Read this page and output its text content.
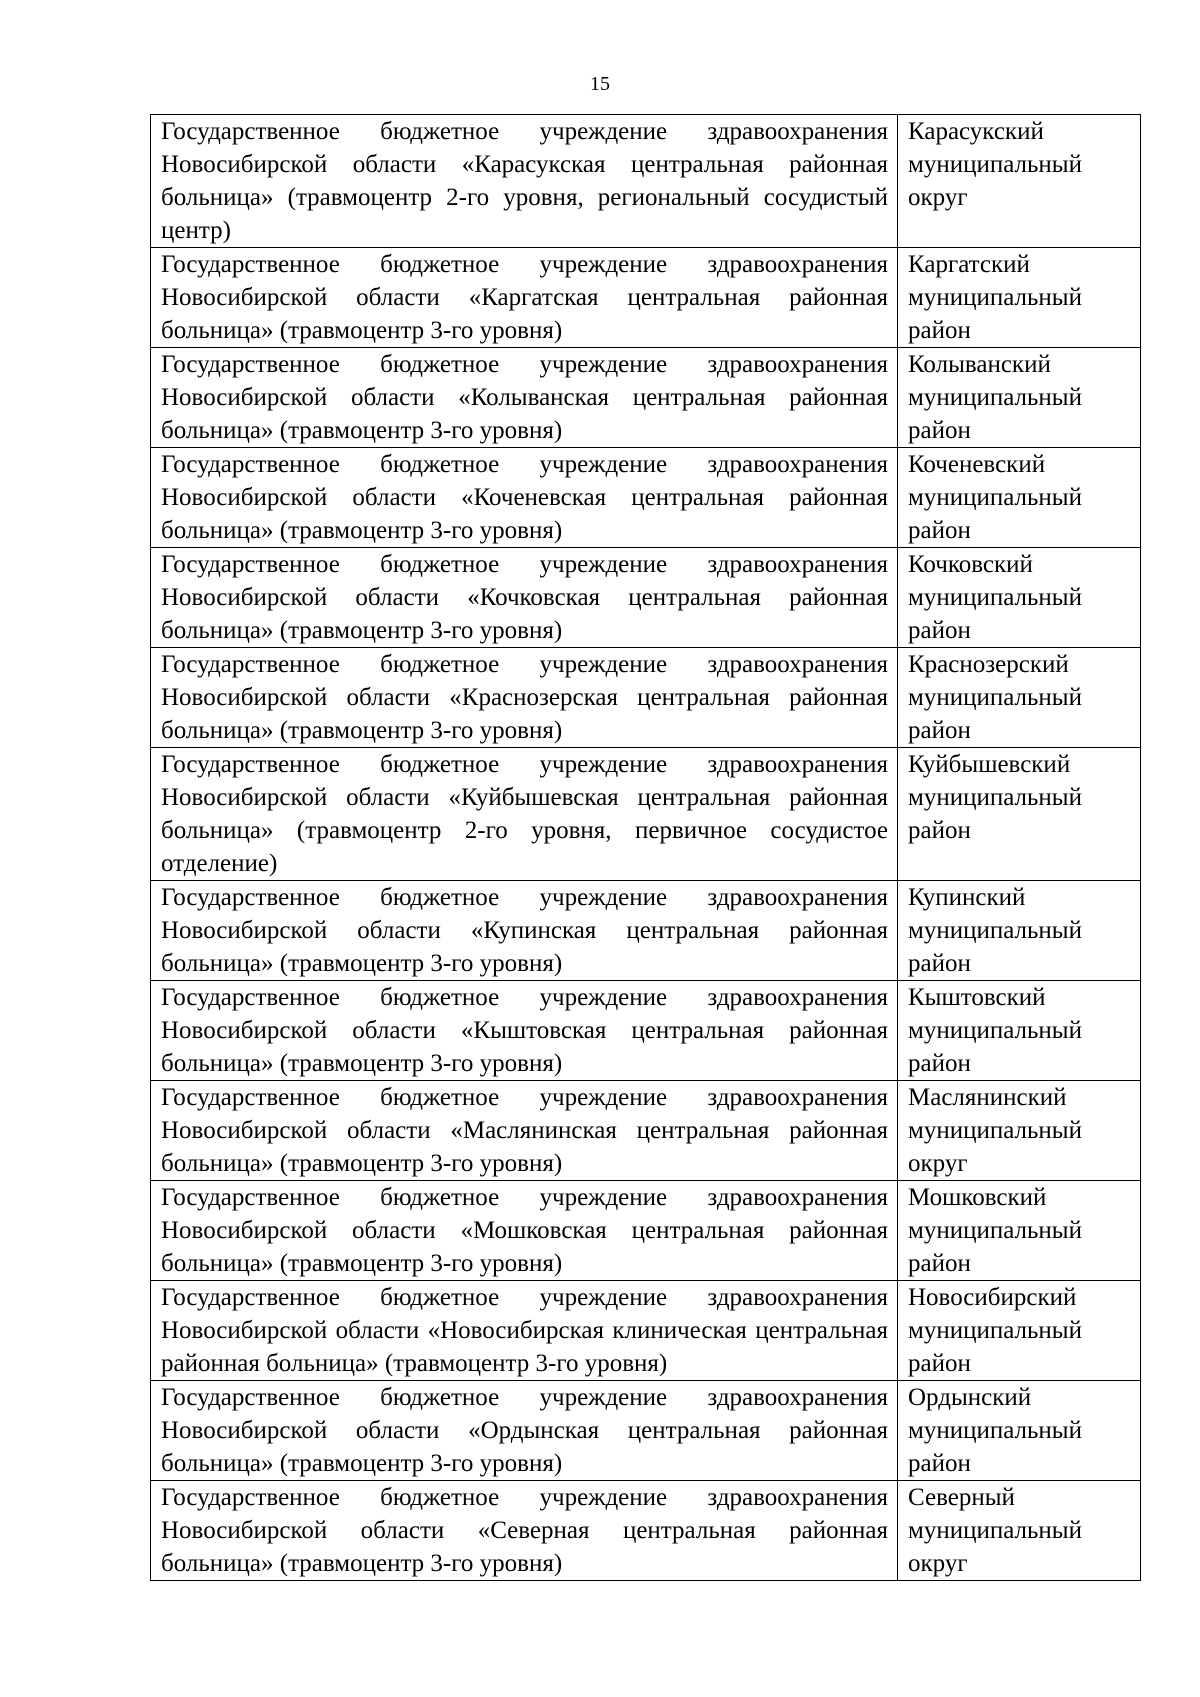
15
Государственное бюджетное учреждение здравоохранения Новосибирской области «Карасукская центральная районная больница» (травмоцентр 2-го уровня, региональный сосудистый центр)	Карасукский
муниципальный
округ

Государственное бюджетное учреждение здравоохранения Новосибирской области «Каргатская центральная районная больница» (травмоцентр 3-го уровня)	Каргатский
муниципальный
район

Государственное бюджетное учреждение здравоохранения Новосибирской области «Колыванская центральная районная больница» (травмоцентр 3-го уровня)	Колыванский
муниципальный
район

Государственное бюджетное учреждение здравоохранения Новосибирской области «Коченевская центральная районная больница» (травмоцентр 3-го уровня)	Коченевский
муниципальный
район

Государственное бюджетное учреждение здравоохранения Новосибирской области «Кочковская центральная районная больница» (травмоцентр 3-го уровня)	Кочковский
муниципальный
район

Государственное бюджетное учреждение здравоохранения Новосибирской области «Краснозерская центральная районная больница» (травмоцентр 3-го уровня)	Краснозерский
муниципальный
район

Государственное бюджетное учреждение здравоохранения Новосибирской области «Куйбышевская центральная районная больница» (травмоцентр 2-го уровня, первичное сосудистое отделение)	Куйбышевский
муниципальный
район

Государственное бюджетное учреждение здравоохранения Новосибирской области «Купинская центральная районная больница» (травмоцентр 3-го уровня)	Купинский
муниципальный
район

Государственное бюджетное учреждение здравоохранения Новосибирской области «Кыштовская центральная районная больница» (травмоцентр 3-го уровня)	Кыштовский
муниципальный
район

Государственное бюджетное учреждение здравоохранения Новосибирской области «Маслянинская центральная районная больница» (травмоцентр 3-го уровня)	Маслянинский
муниципальный
округ

Государственное бюджетное учреждение здравоохранения Новосибирской области «Мошковская центральная районная больница» (травмоцентр 3-го уровня)	Мошковский
муниципальный
район

Государственное бюджетное учреждение здравоохранения Новосибирской области «Новосибирская клиническая центральная районная больница» (травмоцентр 3-го уровня)	Новосибирский
муниципальный
район

Государственное бюджетное учреждение здравоохранения Новосибирской области «Ордынская центральная районная больница» (травмоцентр 3-го уровня)	Ордынский
муниципальный
район

Государственное бюджетное учреждение здравоохранения Новосибирской области «Северная центральная районная больница» (травмоцентр 3-го уровня)	Северный
муниципальный
округ
